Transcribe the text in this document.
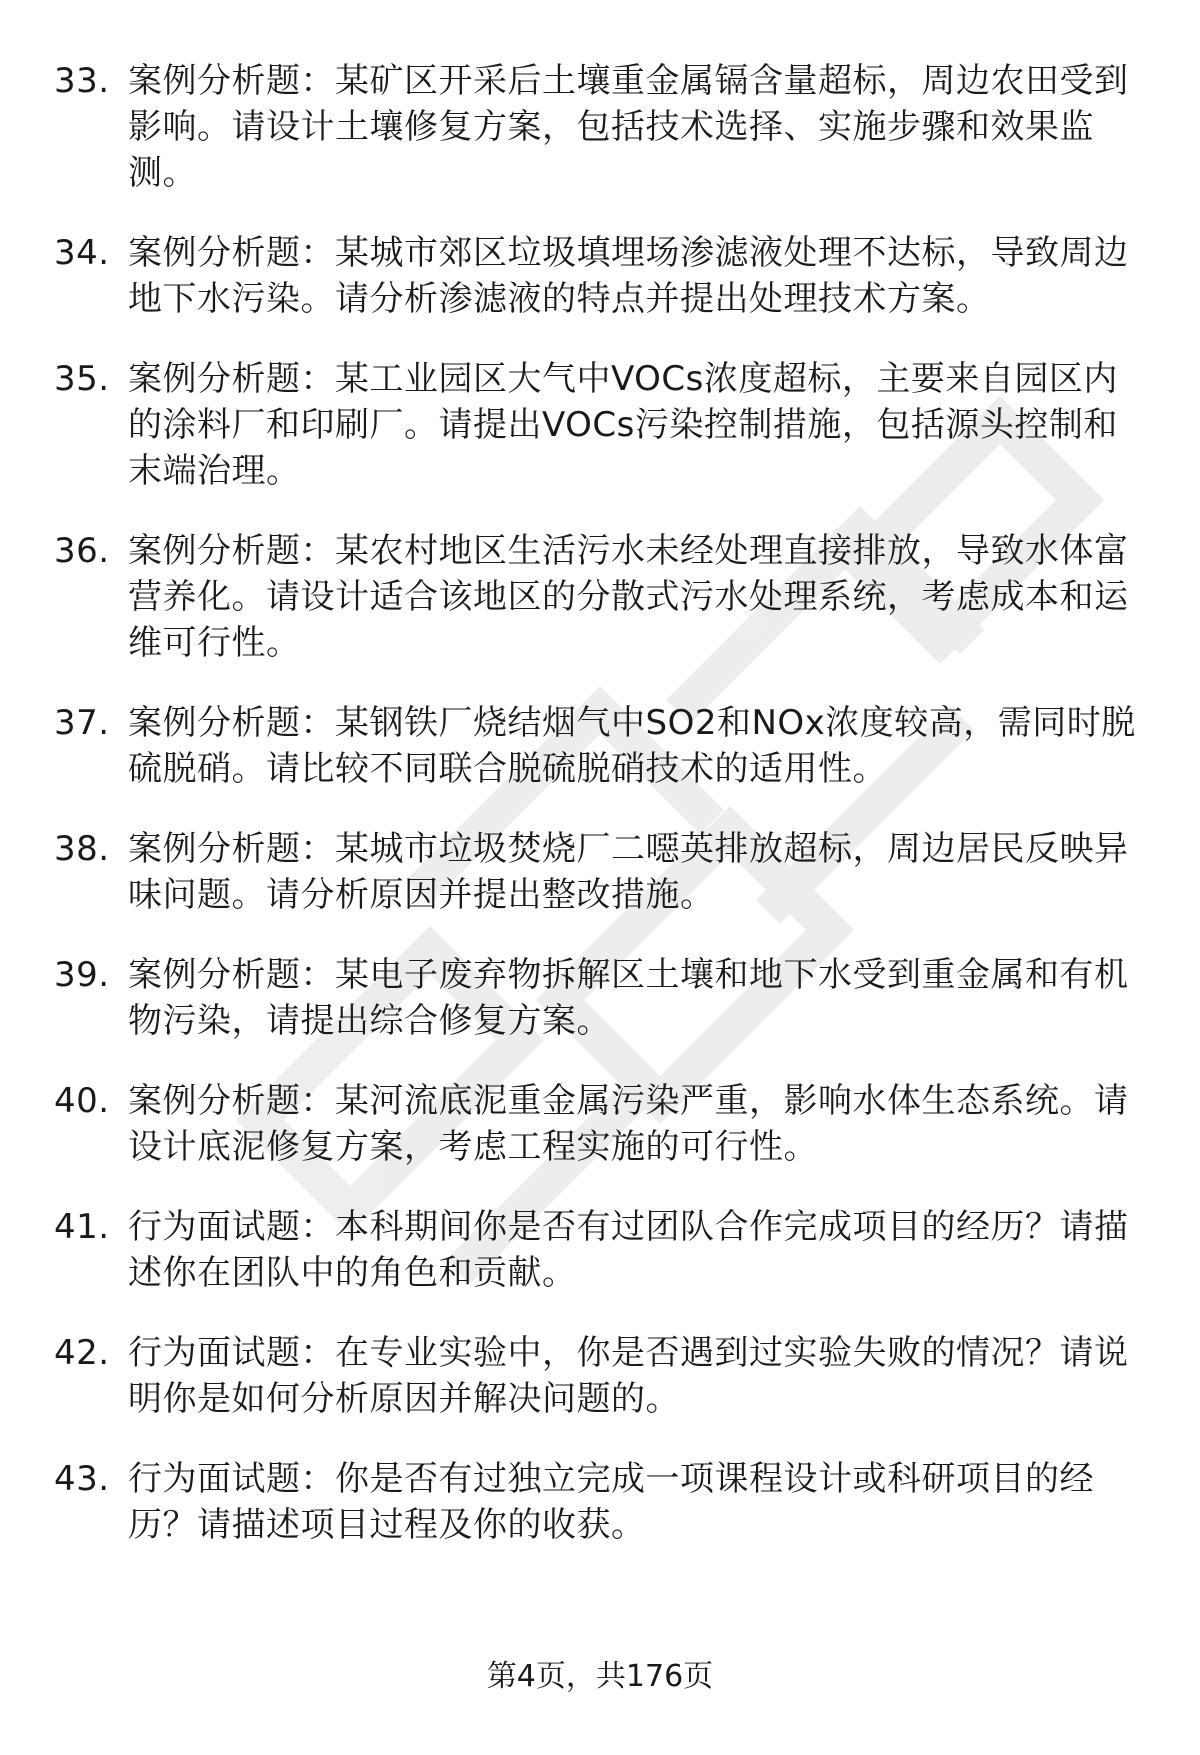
33. 案例分析题：某矿区开采后土壤重金属镉含量超标，周边农田受到影响。请设计土壤修复方案，包括技术选择、实施步骤和效果监测。
34. 案例分析题：某城市郊区垃圾填埋场渗滤液处理不达标，导致周边地下水污染。请分析渗滤液的特点并提出处理技术方案。
35. 案例分析题：某工业园区大气中VOCs浓度超标，主要来自园区内的涂料厂和印刷厂。请提出VOCs污染控制措施，包括源头控制和末端治理。
36. 案例分析题：某农村地区生活污水未经处理直接排放，导致水体富营养化。请设计适合该地区的分散式污水处理系统，考虑成本和运维可行性。
37. 案例分析题：某钢铁厂烧结烟气中SO2和NOx浓度较高，需同时脱硫脱硝。请比较不同联合脱硫脱硝技术的适用性。
38. 案例分析题：某城市垃圾焚烧厂二噁英排放超标，周边居民反映异味问题。请分析原因并提出整改措施。
39. 案例分析题：某电子废弃物拆解区土壤和地下水受到重金属和有机物污染，请提出综合修复方案。
40. 案例分析题：某河流底泥重金属污染严重，影响水体生态系统。请设计底泥修复方案，考虑工程实施的可行性。
41. 行为面试题：本科期间你是否有过团队合作完成项目的经历？请描述你在团队中的角色和贡献。
42. 行为面试题：在专业实验中，你是否遇到过实验失败的情况？请说明你是如何分析原因并解决问题的。
43. 行为面试题：你是否有过独立完成一项课程设计或科研项目的经历？请描述项目过程及你的收获。
第4页，共176页
